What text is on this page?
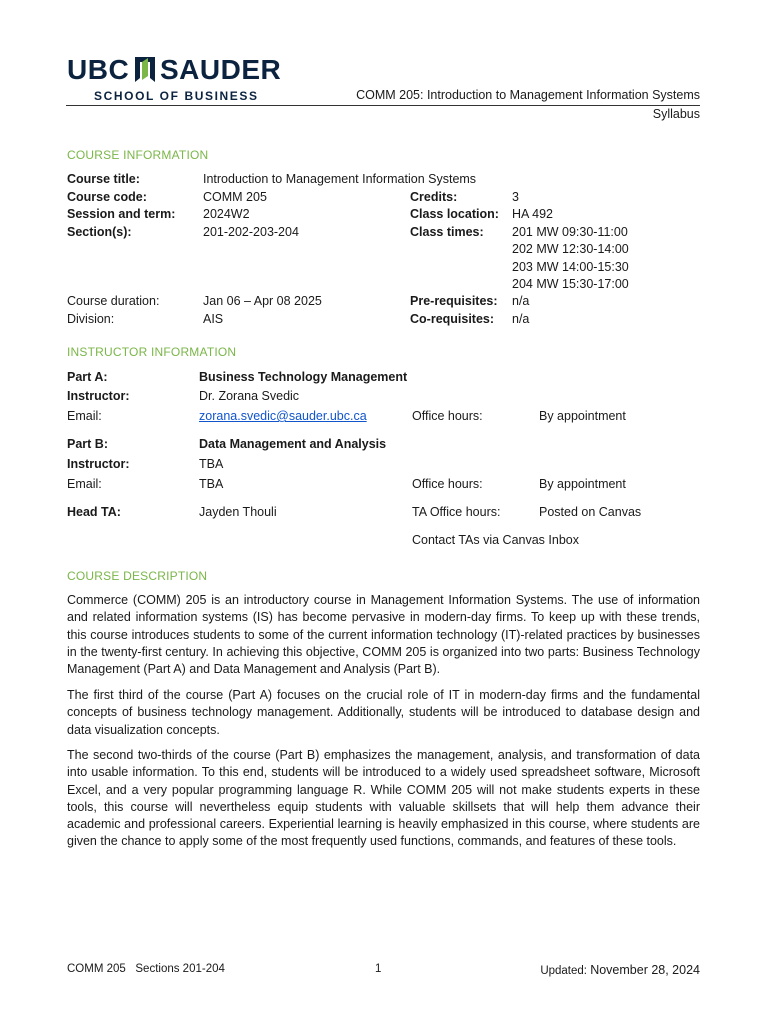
UBC SAUDER
SCHOOL OF BUSINESS	COMM 205: Introduction to Management Information Systems
Syllabus
COURSE INFORMATION
Course title:	Introduction to Management Information Systems
Course code:	COMM 205	Credits:	3
Session and term: 2024W2	Class location: HA 492
Section(s):	201-202-203-204	Class times: 201 MW 09:30-11:00
202 MW 12:30-14:00
203 MW 14:00-15:30
204 MW 15:30-17:00
Course duration:	Jan 06 – Apr 08 2025	Pre-requisites: n/a
Division:	AIS	Co-requisites: n/a
INSTRUCTOR INFORMATION
Part A:	Business Technology Management
Instructor:	Dr. Zorana Svedic
Email:	zorana.svedic@sauder.ubc.ca	Office hours:	By appointment
Part B:	Data Management and Analysis
Instructor:	TBA
Email:	TBA	Office hours:	By appointment
Head TA:	Jayden Thouli	TA Office hours:	Posted on Canvas
Contact TAs via Canvas Inbox
COURSE DESCRIPTION
Commerce (COMM) 205 is an introductory course in Management Information Systems. The use of information and related information systems (IS) has become pervasive in modern-day firms. To keep up with these trends, this course introduces students to some of the current information technology (IT)-related practices by businesses in the twenty-first century. In achieving this objective, COMM 205 is organized into two parts: Business Technology Management (Part A) and Data Management and Analysis (Part B).
The first third of the course (Part A) focuses on the crucial role of IT in modern-day firms and the fundamental concepts of business technology management. Additionally, students will be introduced to database design and data visualization concepts.
The second two-thirds of the course (Part B) emphasizes the management, analysis, and transformation of data into usable information. To this end, students will be introduced to a widely used spreadsheet software, Microsoft Excel, and a very popular programming language R. While COMM 205 will not make students experts in these tools, this course will nevertheless equip students with valuable skillsets that will help them advance their academic and professional careers. Experiential learning is heavily emphasized in this course, where students are given the chance to apply some of the most frequently used functions, commands, and features of these tools.
COMM 205   Sections 201-204	1	Updated: November 28, 2024
